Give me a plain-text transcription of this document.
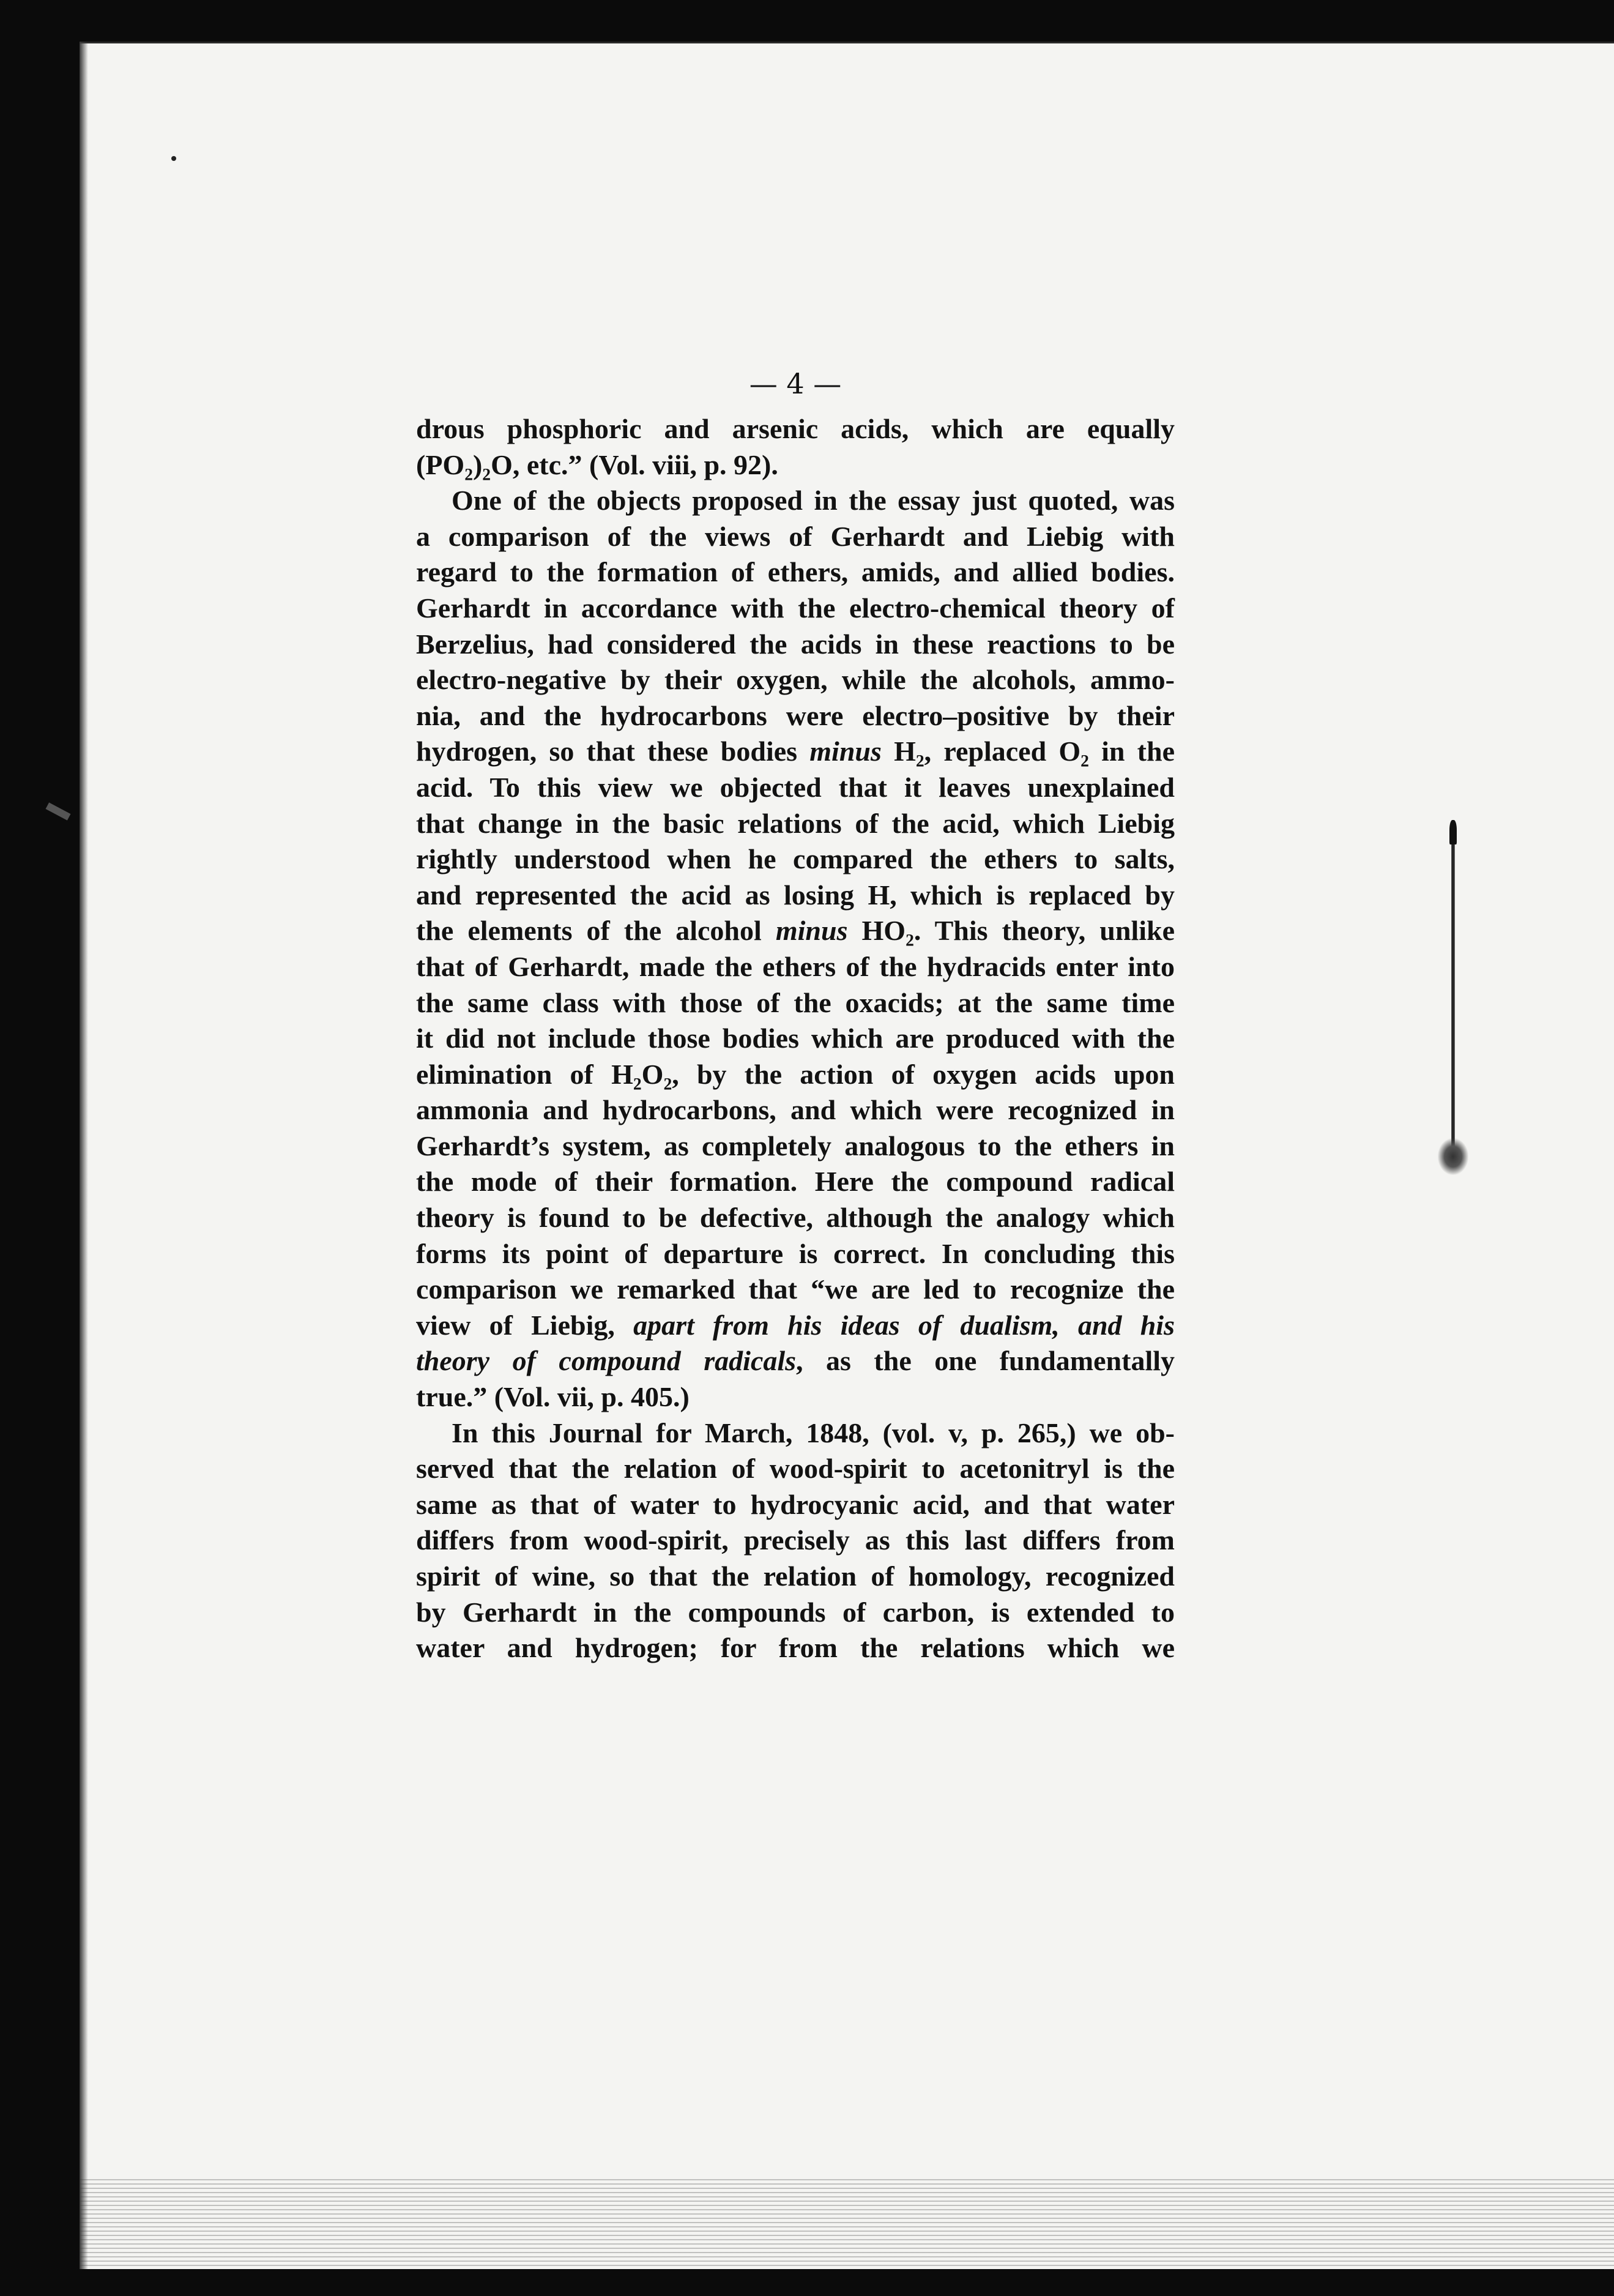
— 4 —
drous phosphoric and arsenic acids, which are equally
(PO₂)₂O, etc.” (Vol. viii, p. 92).
One of the objects proposed in the essay just quoted, was
a comparison of the views of Gerhardt and Liebig with
regard to the formation of ethers, amids, and allied bodies.
Gerhardt in accordance with the electro-chemical theory of
Berzelius, had considered the acids in these reactions to be
electro-negative by their oxygen, while the alcohols, ammo-
nia, and the hydrocarbons were electro–positive by their
hydrogen, so that these bodies minus H₂, replaced O₂ in the
acid. To this view we objected that it leaves unexplained
that change in the basic relations of the acid, which Liebig
rightly understood when he compared the ethers to salts,
and represented the acid as losing H, which is replaced by
the elements of the alcohol minus HO₂. This theory, unlike
that of Gerhardt, made the ethers of the hydracids enter into
the same class with those of the oxacids; at the same time
it did not include those bodies which are produced with the
elimination of H₂O₂, by the action of oxygen acids upon
ammonia and hydrocarbons, and which were recognized in
Gerhardt’s system, as completely analogous to the ethers in
the mode of their formation. Here the compound radical
theory is found to be defective, although the analogy which
forms its point of departure is correct. In concluding this
comparison we remarked that “we are led to recognize the
view of Liebig, apart from his ideas of dualism, and his
theory of compound radicals, as the one fundamentally
true.” (Vol. vii, p. 405.)
In this Journal for March, 1848, (vol. v, p. 265,) we ob-
served that the relation of wood-spirit to acetonitryl is the
same as that of water to hydrocyanic acid, and that water
differs from wood-spirit, precisely as this last differs from
spirit of wine, so that the relation of homology, recognized
by Gerhardt in the compounds of carbon, is extended to
water and hydrogen; for from the relations which we
